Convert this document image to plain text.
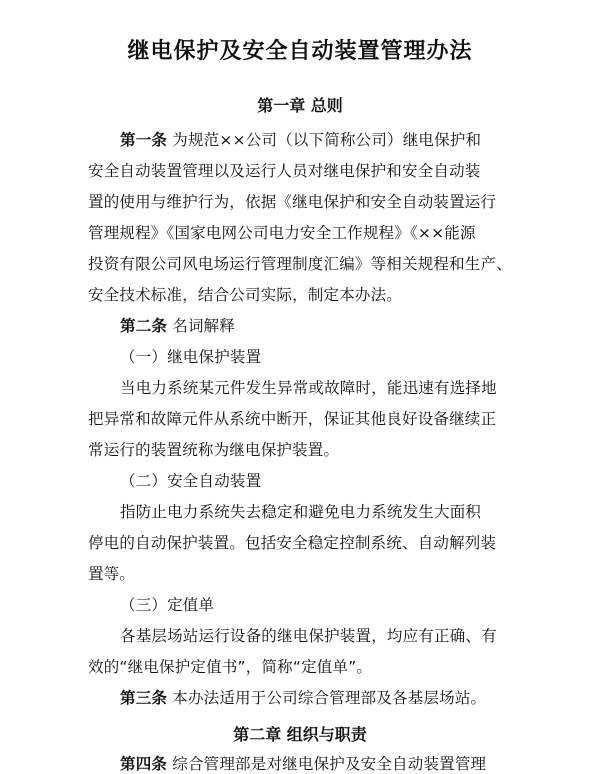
继电保护及安全自动装置管理办法
第一章 总则
第一条 为规范××公司（以下简称公司）继电保护和
安全自动装置管理以及运行人员对继电保护和安全自动装
置的使用与维护行为，依据《继电保护和安全自动装置运行
管理规程》《国家电网公司电力安全工作规程》《××能源
投资有限公司风电场运行管理制度汇编》等相关规程和生产、
安全技术标准，结合公司实际，制定本办法。
第二条 名词解释
（一）继电保护装置
当电力系统某元件发生异常或故障时，能迅速有选择地
把异常和故障元件从系统中断开，保证其他良好设备继续正
常运行的装置统称为继电保护装置。
（二）安全自动装置
指防止电力系统失去稳定和避免电力系统发生大面积
停电的自动保护装置。包括安全稳定控制系统、自动解列装
置等。
（三）定值单
各基层场站运行设备的继电保护装置，均应有正确、有
效的“继电保护定值书”，简称“定值单”。
第三条 本办法适用于公司综合管理部及各基层场站。
第二章 组织与职责
第四条 综合管理部是对继电保护及安全自动装置管理
